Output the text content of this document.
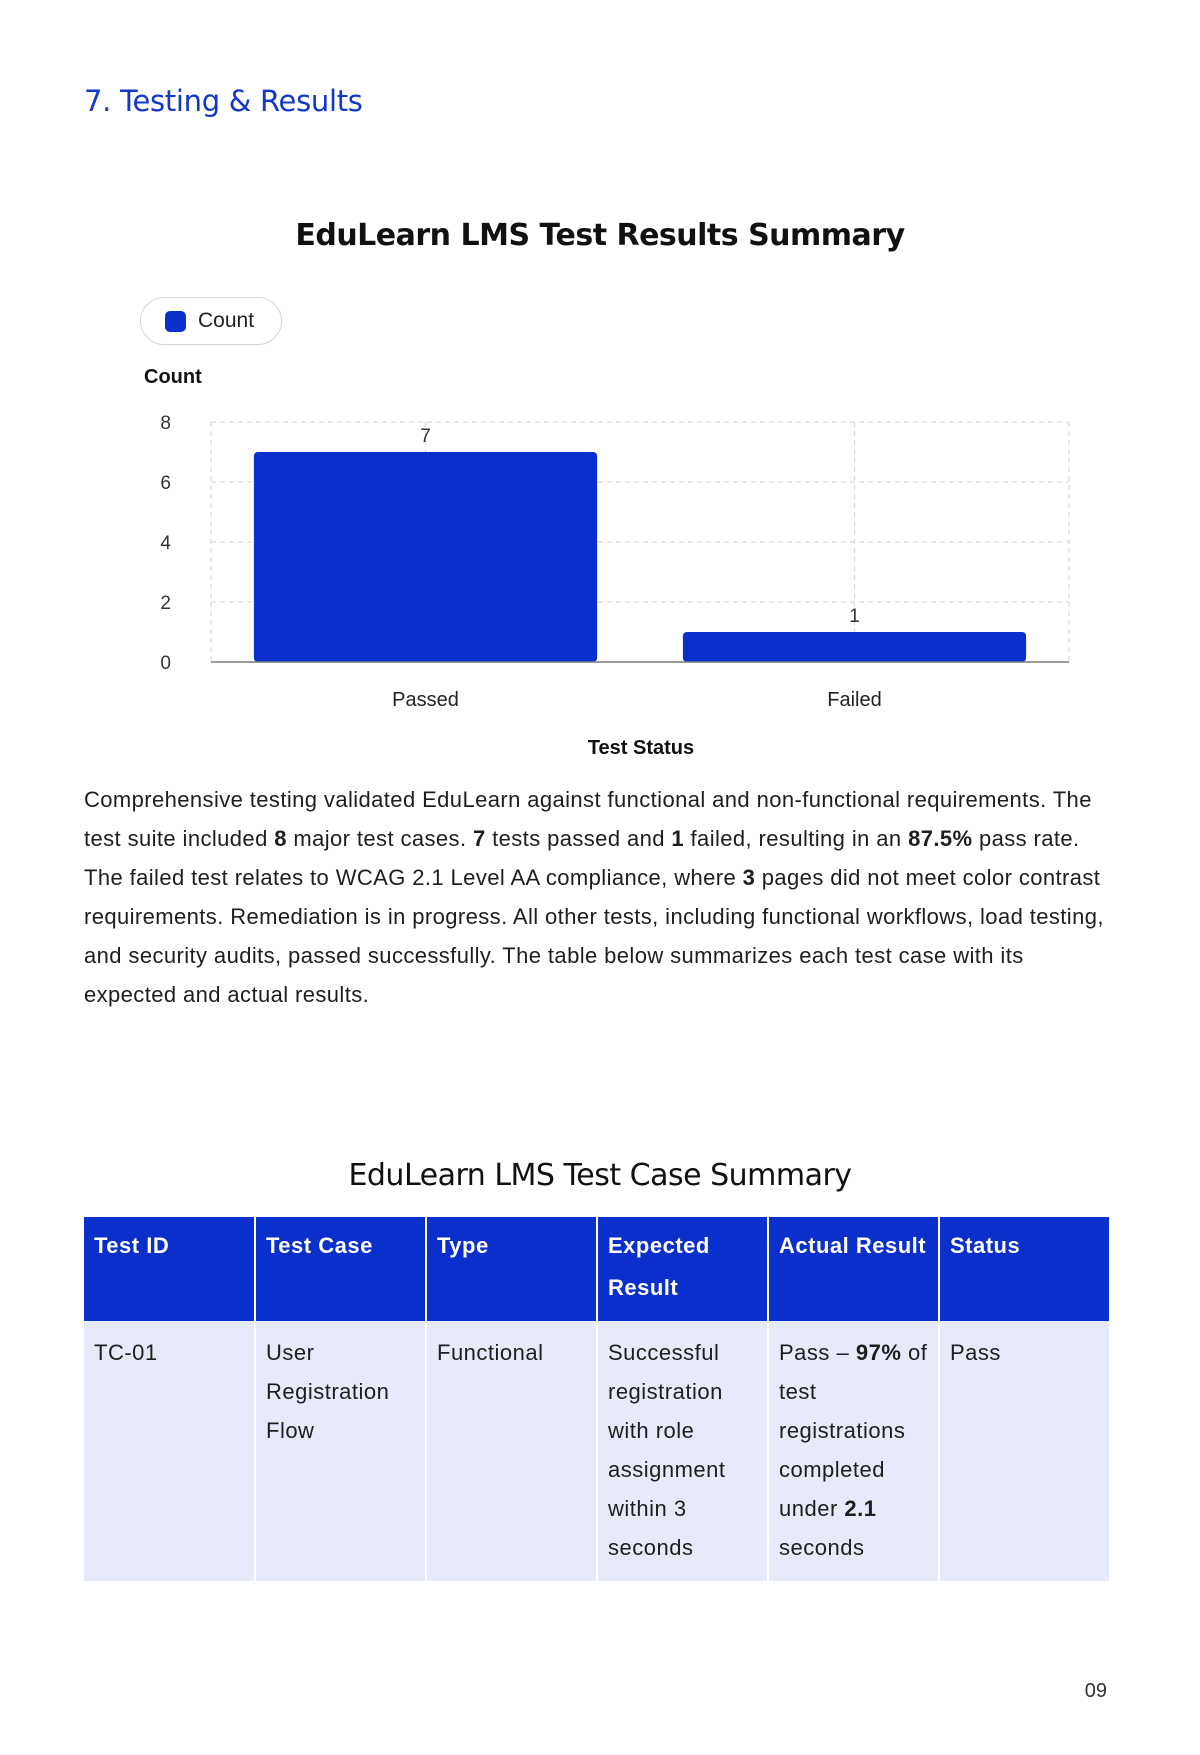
7. Testing & Results
EduLearn LMS Test Results Summary
Count
0
2
4
6
8
7
Passed
1
Failed
Count
Test Status

Comprehensive testing validated EduLearn against functional and non-functional requirements. The test suite included 8 major test cases. 7 tests passed and 1 failed, resulting in an 87.5% pass rate. The failed test relates to WCAG 2.1 Level AA compliance, where 3 pages did not meet color contrast requirements. Remediation is in progress. All other tests, including functional workflows, load testing, and security audits, passed successfully. The table below summarizes each test case with its expected and actual results.

EduLearn LMS Test Case Summary
Test ID	Test Case	Type	Expected Result	Actual Result	Status
TC-01	User Registration Flow	Functional	Successful registration with role assignment within 3 seconds	Pass – 97% of test registrations completed under 2.1 seconds	Pass
09
